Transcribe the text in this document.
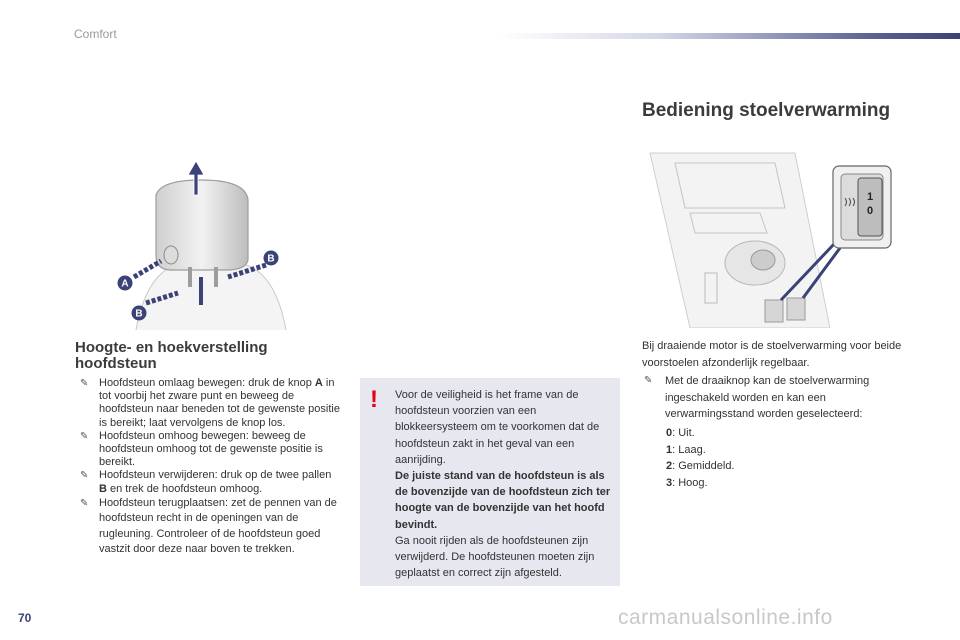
Comfort
A
B
B
1
0
Hoogte- en hoekverstelling hoofdsteun
✎ Hoofdsteun omlaag bewegen: druk de knop A in tot voorbij het zware punt en beweeg de hoofdsteun naar beneden tot de gewenste positie is bereikt; laat vervolgens de knop los.
✎ Hoofdsteun omhoog bewegen: beweeg de hoofdsteun omhoog tot de gewenste positie is bereikt.
✎ Hoofdsteun verwijderen: druk op de twee pallen B en trek de hoofdsteun omhoog.
✎ Hoofdsteun terugplaatsen: zet de pennen van de hoofdsteun recht in de openingen van de rugleuning. Controleer of de hoofdsteun goed vastzit door deze naar boven te trekken.
! Voor de veiligheid is het frame van de hoofdsteun voorzien van een blokkeersysteem om te voorkomen dat de hoofdsteun zakt in het geval van een aanrijding.
De juiste stand van de hoofdsteun is als de bovenzijde van de hoofdsteun zich ter hoogte van de bovenzijde van het hoofd bevindt.
Ga nooit rijden als de hoofdsteunen zijn verwijderd. De hoofdsteunen moeten zijn geplaatst en correct zijn afgesteld.
Bediening stoelverwarming
Bij draaiende motor is de stoelverwarming voor beide voorstoelen afzonderlijk regelbaar.
✎	Met de draaiknop kan de stoelverwarming ingeschakeld worden en kan een verwarmingsstand worden geselecteerd:
0: Uit.
1: Laag.
2: Gemiddeld.
3: Hoog.
70	carmanualsonline.info
